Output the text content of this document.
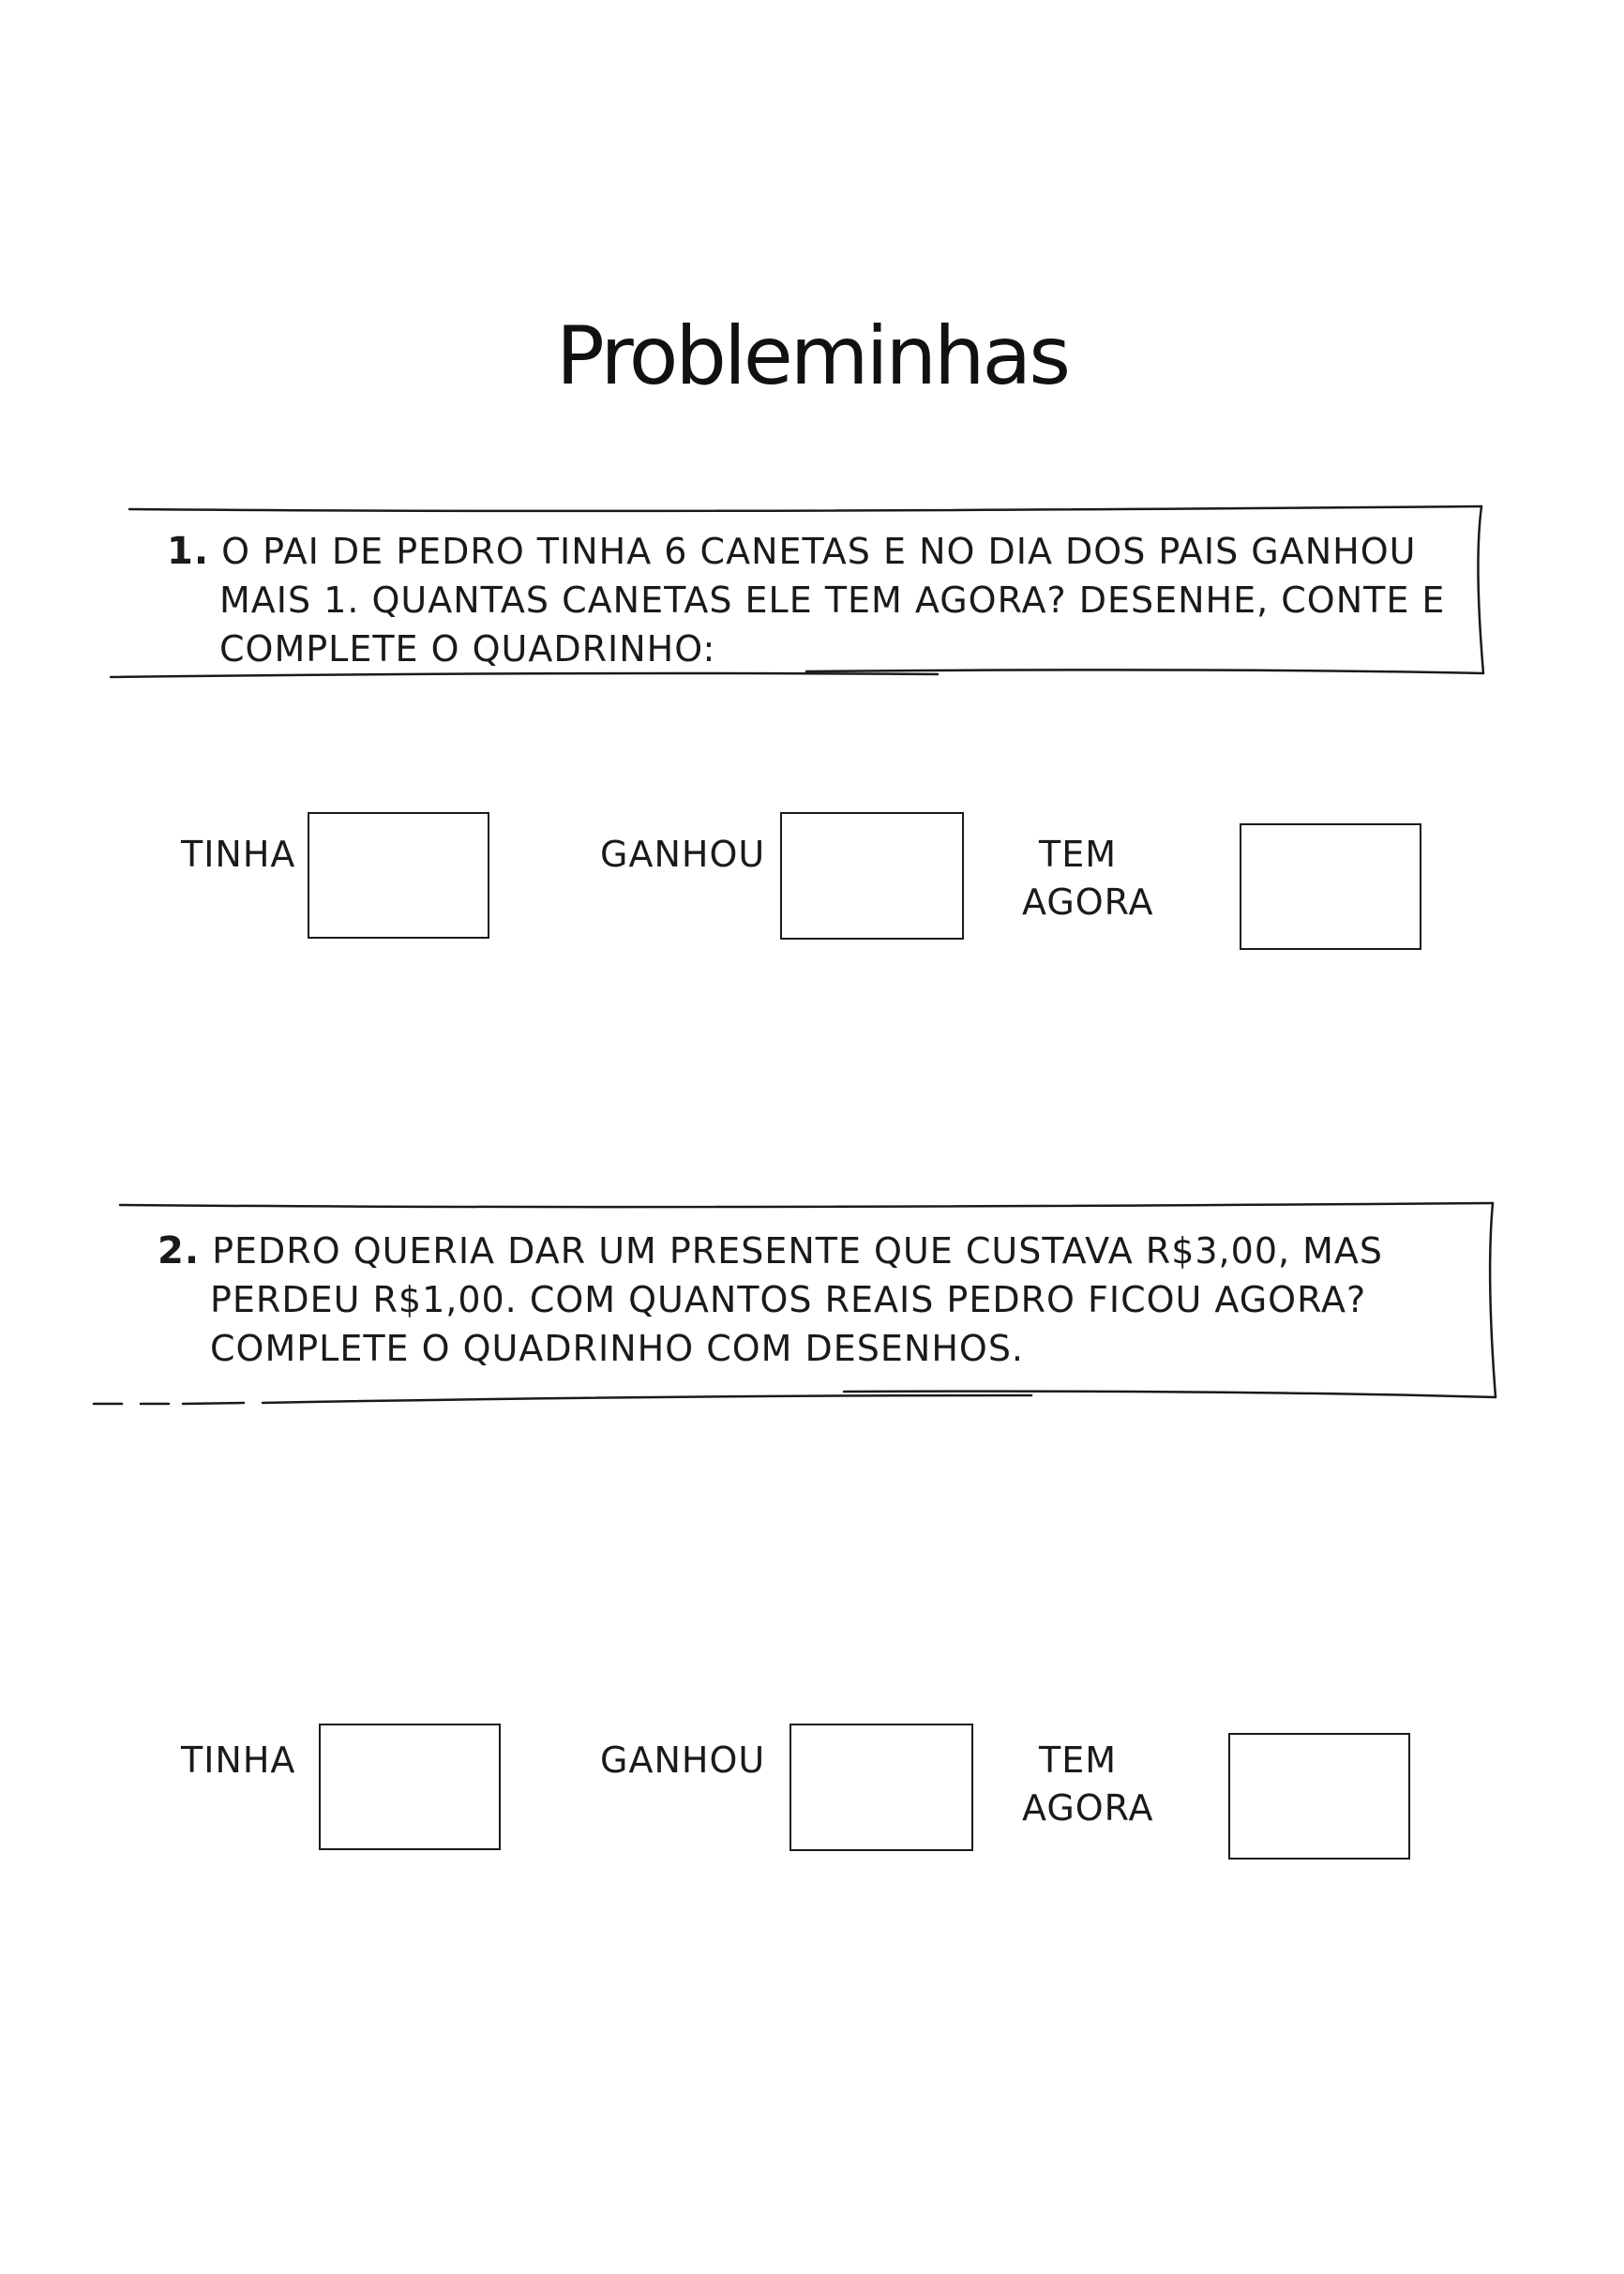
Probleminhas
1. O PAI DE PEDRO TINHA 6 CANETAS E NO DIA DOS PAIS GANHOU
MAIS 1. QUANTAS CANETAS ELE TEM AGORA? DESENHE, CONTE E
COMPLETE O QUADRINHO:
TINHA	GANHOU	TEM
AGORA
2. PEDRO QUERIA DAR UM PRESENTE QUE CUSTAVA R$3,00, MAS
PERDEU R$1,00. COM QUANTOS REAIS PEDRO FICOU AGORA?
COMPLETE O QUADRINHO COM DESENHOS.
TINHA	GANHOU	TEM
AGORA
